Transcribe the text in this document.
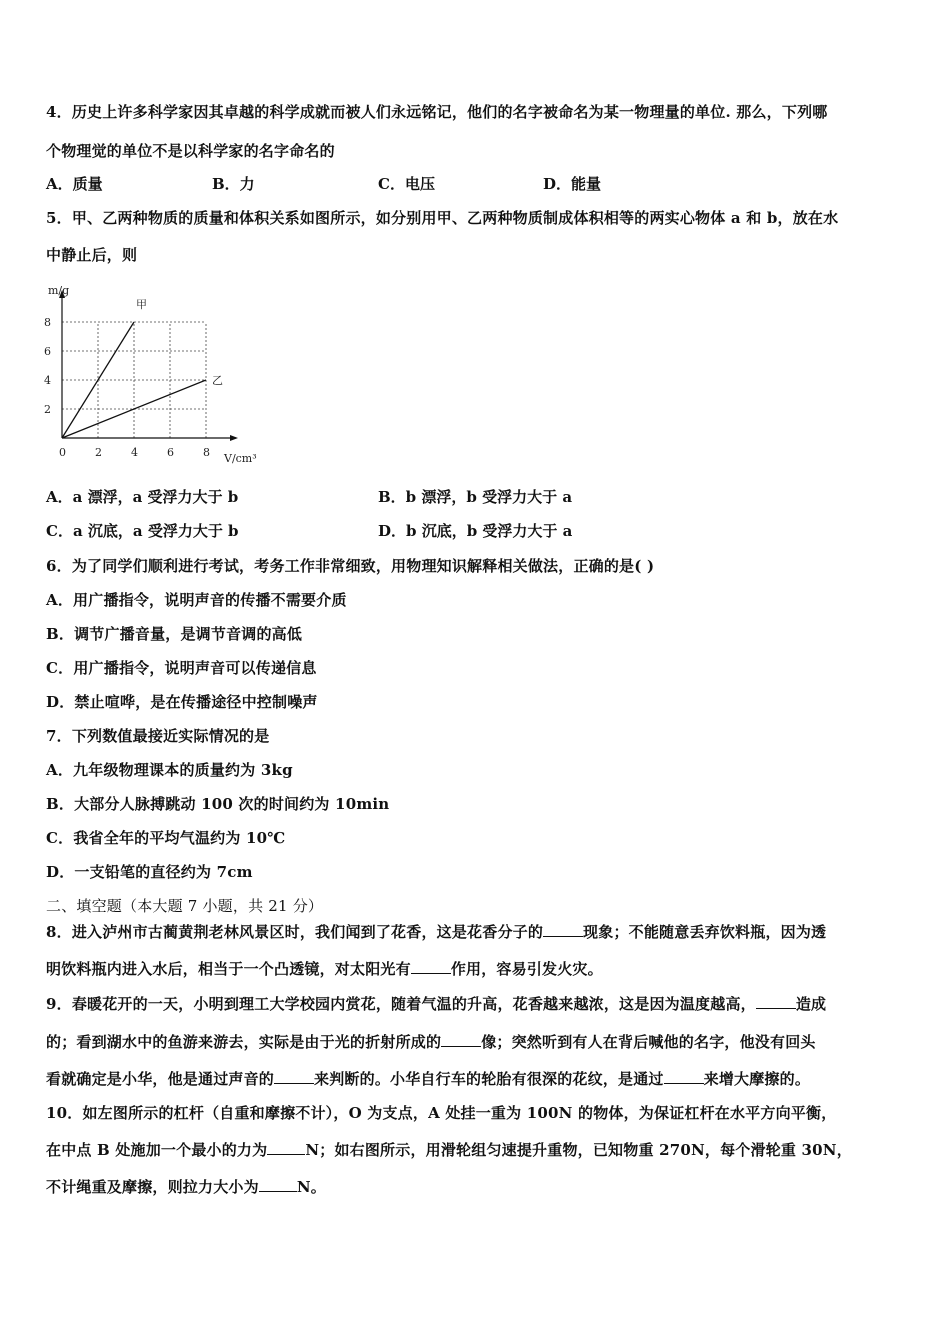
4．历史上许多科学家因其卓越的科学成就而被人们永远铭记，他们的名字被命名为某一物理量的单位. 那么，下列哪
个物理觉的单位不是以科学家的名字命名的
A．质量	B．力	C．电压	D．能量
5．甲、乙两种物质的质量和体积关系如图所示，如分别用甲、乙两种物质制成体积相等的两实心物体 a 和 b，放在水
中静止后，则
0	2	4	6	8
2
4
6
8
m/g
V/cm³
甲
乙
A．a 漂浮，a 受浮力大于 b	B．b 漂浮，b 受浮力大于 a
C．a 沉底，a 受浮力大于 b	D．b 沉底，b 受浮力大于 a
6．为了同学们顺利进行考试，考务工作非常细致，用物理知识解释相关做法，正确的是( )
A．用广播指令，说明声音的传播不需要介质
B．调节广播音量，是调节音调的高低
C．用广播指令，说明声音可以传递信息
D．禁止喧哗，是在传播途径中控制噪声
7．下列数值最接近实际情况的是
A．九年级物理课本的质量约为 3kg
B．大部分人脉搏跳动 100 次的时间约为 10min
C．我省全年的平均气温约为 10℃
D．一支铅笔的直径约为 7cm
二、填空题（本大题 7 小题，共 21 分）
8．进入泸州市古蔺黄荆老林风景区时，我们闻到了花香，这是花香分子的	现象；不能随意丢弃饮料瓶，因为透
明饮料瓶内进入水后，相当于一个凸透镜，对太阳光有	作用，容易引发火灾。
9．春暖花开的一天，小明到理工大学校园内赏花，随着气温的升高，花香越来越浓，这是因为温度越高，	造成
的；看到湖水中的鱼游来游去，实际是由于光的折射所成的	像；突然听到有人在背后喊他的名字，他没有回头
看就确定是小华，他是通过声音的	来判断的。小华自行车的轮胎有很深的花纹，是通过	来增大摩擦的。
10．如左图所示的杠杆（自重和摩擦不计），O 为支点，A 处挂一重为 100N 的物体，为保证杠杆在水平方向平衡，
在中点 B 处施加一个最小的力为	N；如右图所示，用滑轮组匀速提升重物，已知物重 270N，每个滑轮重 30N，
不计绳重及摩擦，则拉力大小为	N。
